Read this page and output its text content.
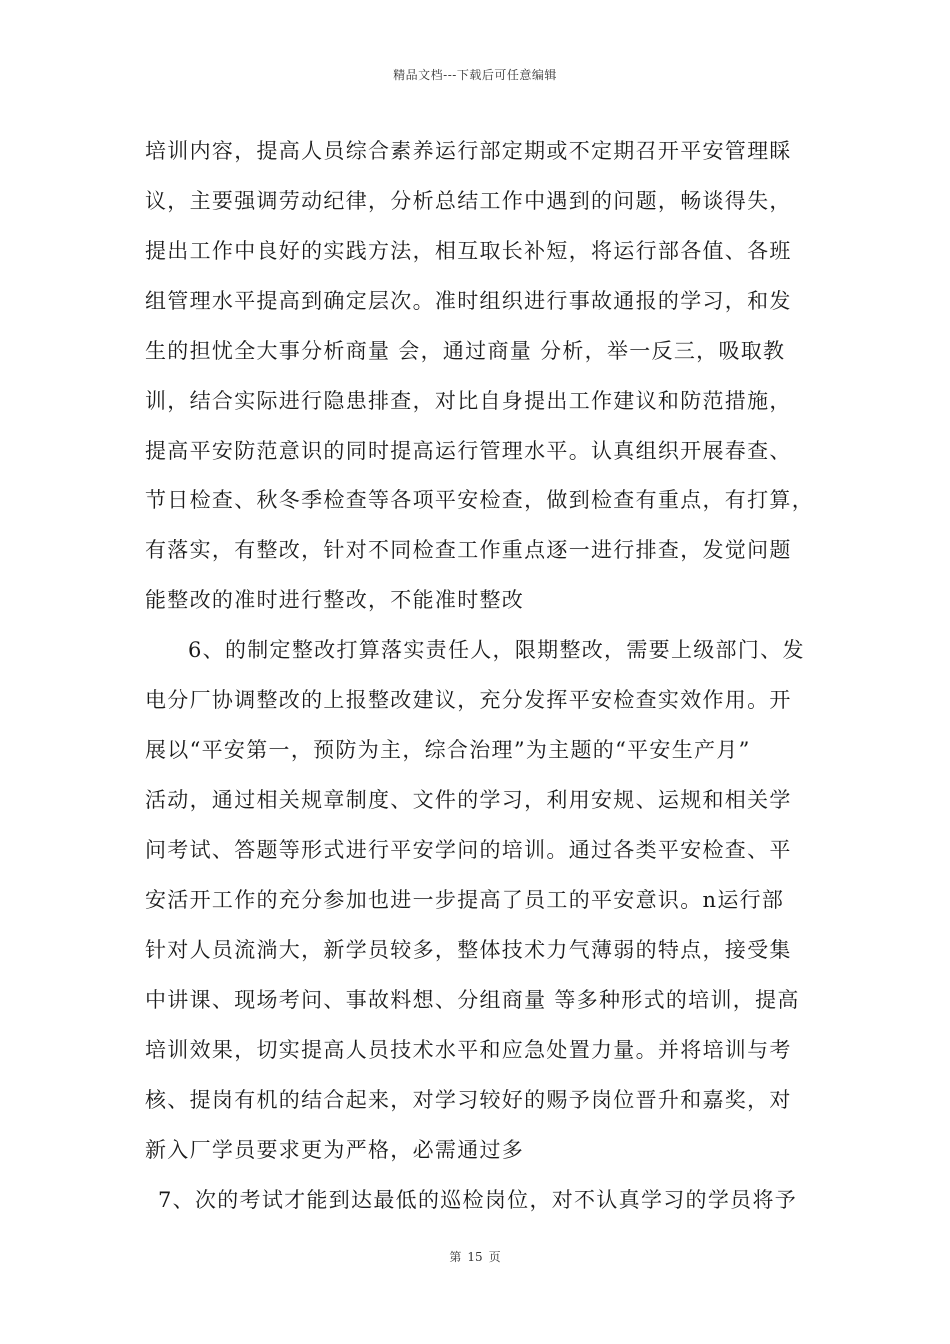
精品文档---下载后可任意编辑
培训内容，提高人员综合素养运行部定期或不定期召开平安管理睬
议，主要强调劳动纪律，分析总结工作中遇到的问题，畅谈得失，
提出工作中良好的实践方法，相互取长补短，将运行部各值、各班
组管理水平提高到确定层次。准时组织进行事故通报的学习，和发
生的担忧全大事分析商量 会，通过商量 分析，举一反三，吸取教
训，结合实际进行隐患排查，对比自身提出工作建议和防范措施，
提高平安防范意识的同时提高运行管理水平。认真组织开展春查、
节日检查、秋冬季检查等各项平安检查，做到检查有重点，有打算，
有落实，有整改，针对不同检查工作重点逐一进行排查，发觉问题
能整改的准时进行整改，不能准时整改
6、的制定整改打算落实责任人，限期整改，需要上级部门、发
电分厂协调整改的上报整改建议，充分发挥平安检查实效作用。开
展以“平安第一，预防为主，综合治理”为主题的“平安生产月”
活动，通过相关规章制度、文件的学习，利用安规、运规和相关学
问考试、答题等形式进行平安学问的培训。通过各类平安检查、平
安活开工作的充分参加也进一步提高了员工的平安意识。n运行部
针对人员流淌大，新学员较多，整体技术力气薄弱的特点，接受集
中讲课、现场考问、事故料想、分组商量 等多种形式的培训，提高
培训效果，切实提高人员技术水平和应急处置力量。并将培训与考
核、提岗有机的结合起来，对学习较好的赐予岗位晋升和嘉奖，对
新入厂学员要求更为严格，必需通过多
7、次的考试才能到达最低的巡检岗位，对不认真学习的学员将予
第 15 页
